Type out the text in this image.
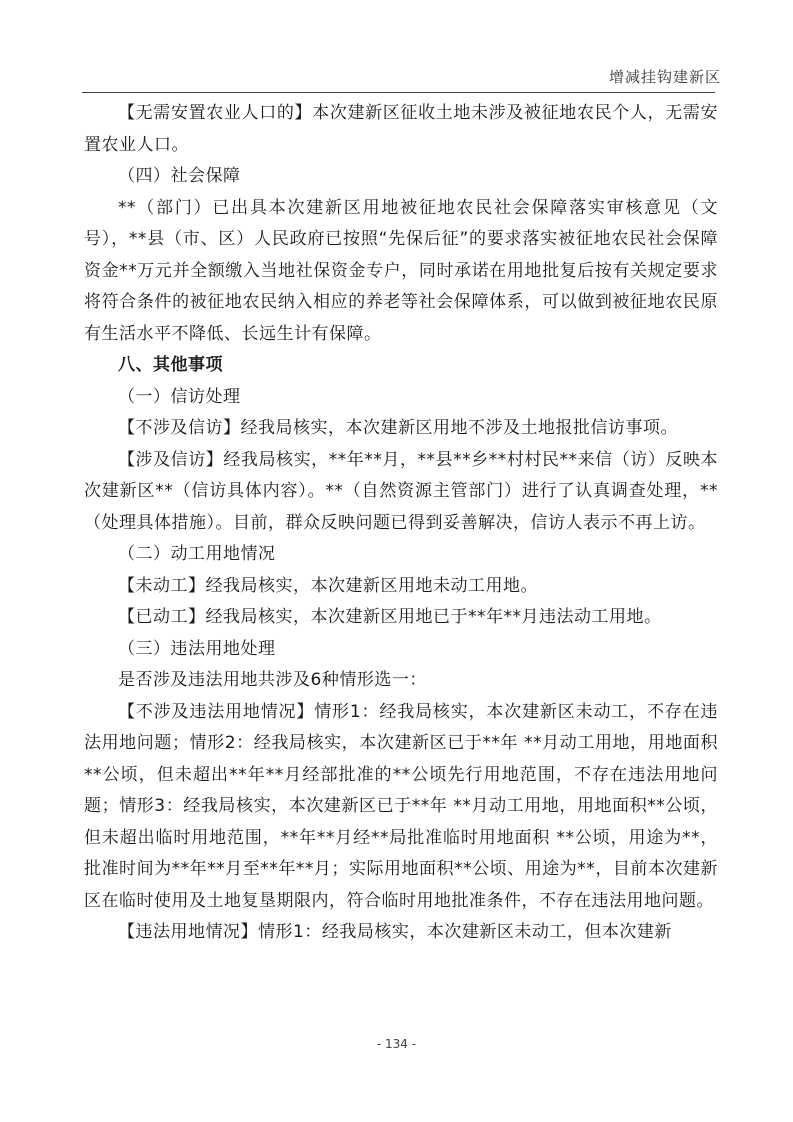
增减挂钩建新区

【无需安置农业人口的】本次建新区征收土地未涉及被征地农民个人，无需安置农业人口。

（四）社会保障

**（部门）已出具本次建新区用地被征地农民社会保障落实审核意见（文号），**县（市、区）人民政府已按照“先保后征”的要求落实被征地农民社会保障资金**万元并全额缴入当地社保资金专户，同时承诺在用地批复后按有关规定要求将符合条件的被征地农民纳入相应的养老等社会保障体系，可以做到被征地农民原有生活水平不降低、长远生计有保障。

八、其他事项

（一）信访处理

【不涉及信访】经我局核实，本次建新区用地不涉及土地报批信访事项。

【涉及信访】经我局核实，**年**月，**县**乡**村村民**来信（访）反映本次建新区**（信访具体内容）。**（自然资源主管部门）进行了认真调查处理，**（处理具体措施）。目前，群众反映问题已得到妥善解决，信访人表示不再上访。

（二）动工用地情况

【未动工】经我局核实，本次建新区用地未动工用地。

【已动工】经我局核实，本次建新区用地已于**年**月违法动工用地。

（三）违法用地处理

是否涉及违法用地共涉及6种情形选一：

【不涉及违法用地情况】情形1：经我局核实，本次建新区未动工，不存在违法用地问题；情形2：经我局核实，本次建新区已于**年 **月动工用地，用地面积**公顷，但未超出**年**月经部批准的**公顷先行用地范围，不存在违法用地问题；情形3：经我局核实，本次建新区已于**年 **月动工用地，用地面积**公顷，但未超出临时用地范围，**年**月经**局批准临时用地面积 **公顷，用途为**，批准时间为**年**月至**年**月；实际用地面积**公顷、用途为**，目前本次建新区在临时使用及土地复垦期限内，符合临时用地批准条件，不存在违法用地问题。

【违法用地情况】情形1：经我局核实，本次建新区未动工，但本次建新

- 134 -
